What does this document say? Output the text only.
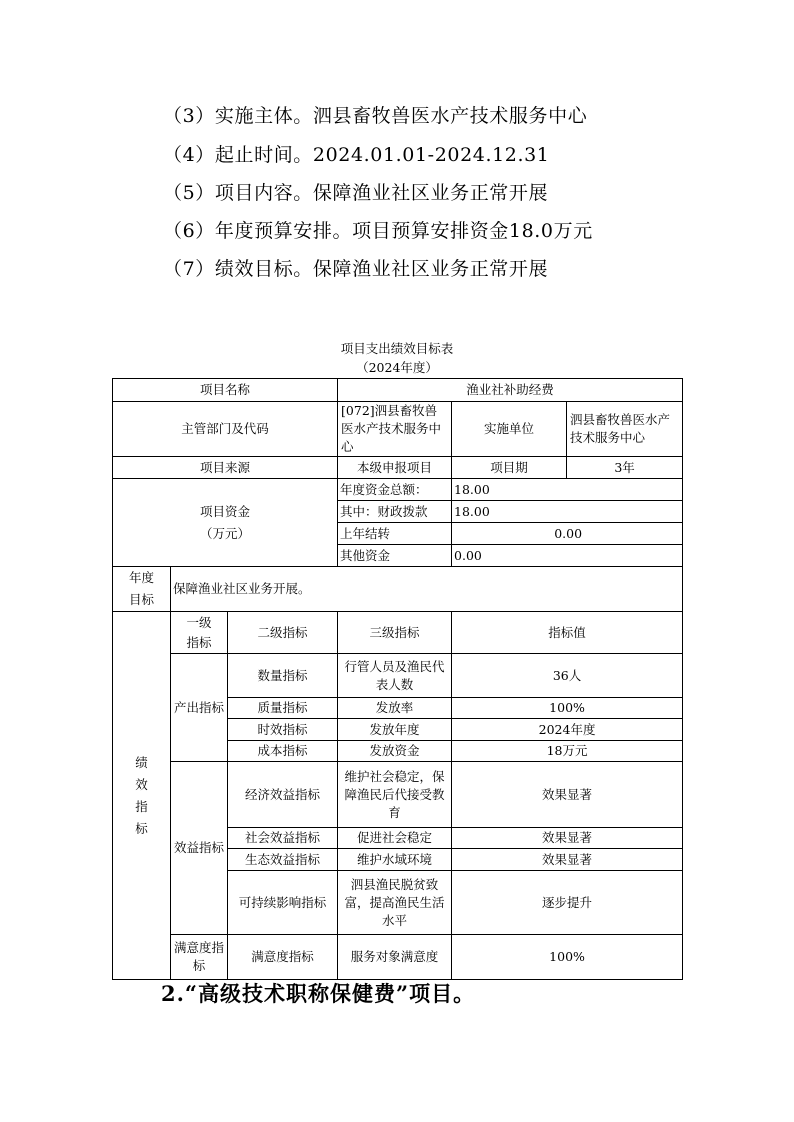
（3）实施主体。泗县畜牧兽医水产技术服务中心
（4）起止时间。2024.01.01-2024.12.31
（5）项目内容。保障渔业社区业务正常开展
（6）年度预算安排。项目预算安排资金18.0万元
（7）绩效目标。保障渔业社区业务正常开展
项目支出绩效目标表
（2024年度）
项目名称			渔业社补助经费		
主管部门及代码			[072]泗县畜牧兽医水产技术服务中心	实施单位	泗县畜牧兽医水产技术服务中心
项目来源			本级申报项目	项目期	3年

项目资金（万元）			年度资金总额：	18.00	
			其中：财政拨款	18.00	
			上年结转	0.00	
			其他资金	0.00	

年度目标	保障渔业社区业务开展。				

绩效指标	一级指标	二级指标	三级指标	指标值	
	产出指标	数量指标	行管人员及渔民代表人数	36人	
		质量指标	发放率	100%	
		时效指标	发放年度	2024年度	
		成本指标	发放资金	18万元	
	效益指标	经济效益指标	维护社会稳定，保障渔民后代接受教育	效果显著	
		社会效益指标	促进社会稳定	效果显著	
		生态效益指标	维护水域环境	效果显著	
		可持续影响指标	泗县渔民脱贫致富，提高渔民生活水平	逐步提升	
	满意度指标	满意度指标	服务对象满意度	100%	
2.“高级技术职称保健费”项目。
